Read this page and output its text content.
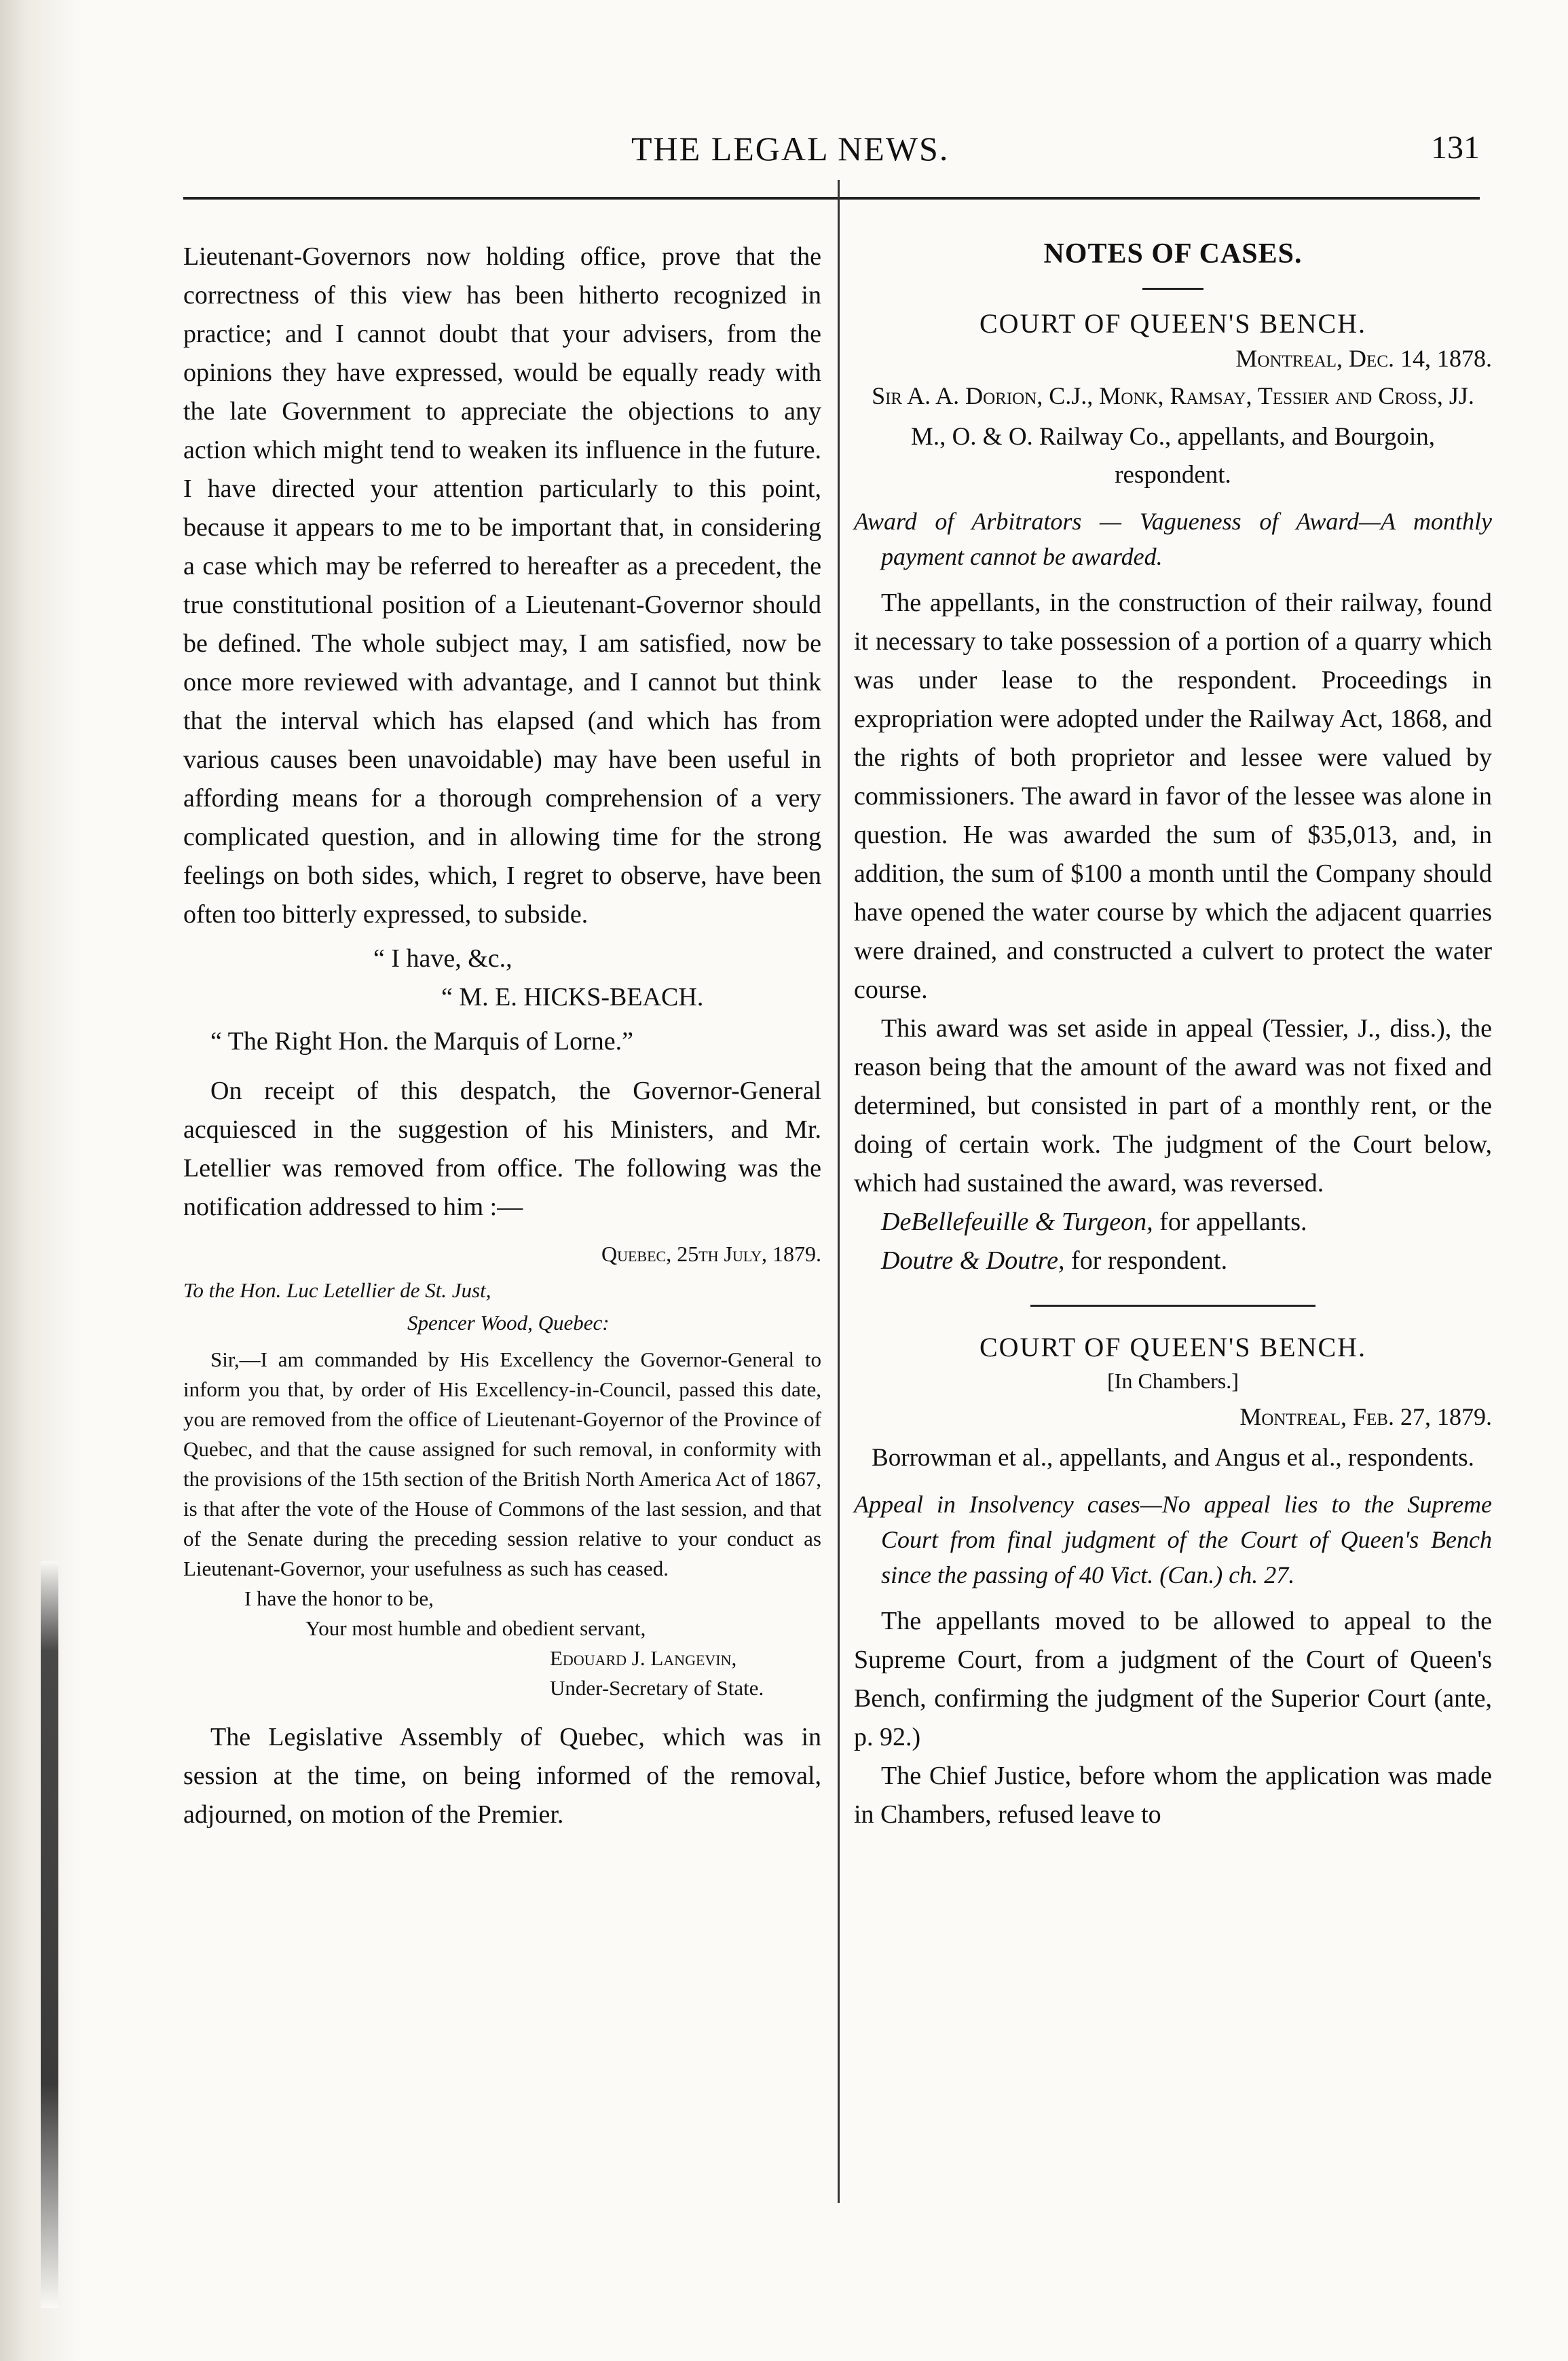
THE LEGAL NEWS.	131

Lieutenant-Governors now holding office, prove that the correctness of this view has been hitherto recognized in practice; and I cannot doubt that your advisers, from the opinions they have expressed, would be equally ready with the late Government to appreciate the objections to any action which might tend to weaken its influence in the future. I have directed your attention particularly to this point, because it appears to me to be important that, in considering a case which may be referred to hereafter as a precedent, the true constitutional position of a Lieutenant-Governor should be defined. The whole subject may, I am satisfied, now be once more reviewed with advantage, and I cannot but think that the interval which has elapsed (and which has from various causes been unavoidable) may have been useful in affording means for a thorough comprehension of a very complicated question, and in allowing time for the strong feelings on both sides, which, I regret to observe, have been often too bitterly expressed, to subside.

“ I have, &c.,

“ M. E. HICKS-BEACH.

“ The Right Hon. the Marquis of Lorne.”

On receipt of this despatch, the Governor-General acquiesced in the suggestion of his Ministers, and Mr. Letellier was removed from office. The following was the notification addressed to him :—

Quebec, 25th July, 1879.

To the Hon. Luc Letellier de St. Just,

Spencer Wood, Quebec:

Sir,—I am commanded by His Excellency the Governor-General to inform you that, by order of His Excellency-in-Council, passed this date, you are removed from the office of Lieutenant-Goyernor of the Province of Quebec, and that the cause assigned for such removal, in conformity with the provisions of the 15th section of the British North America Act of 1867, is that after the vote of the House of Commons of the last session, and that of the Senate during the preceding session relative to your conduct as Lieutenant-Governor, your usefulness as such has ceased.

I have the honor to be,

Your most humble and obedient servant,

Edouard J. Langevin,

Under-Secretary of State.

The Legislative Assembly of Quebec, which was in session at the time, on being informed of the removal, adjourned, on motion of the Premier.

NOTES OF CASES.
COURT OF QUEEN'S BENCH.

Montreal, Dec. 14, 1878.

Sir A. A. Dorion, C.J., Monk, Ramsay, Tessier and Cross, JJ.

M., O. & O. Railway Co., appellants, and Bourgoin, respondent.

Award of Arbitrators — Vagueness of Award—A monthly payment cannot be awarded.

The appellants, in the construction of their railway, found it necessary to take possession of a portion of a quarry which was under lease to the respondent. Proceedings in expropriation were adopted under the Railway Act, 1868, and the rights of both proprietor and lessee were valued by commissioners. The award in favor of the lessee was alone in question. He was awarded the sum of $35,013, and, in addition, the sum of $100 a month until the Company should have opened the water course by which the adjacent quarries were drained, and constructed a culvert to protect the water course.

This award was set aside in appeal (Tessier, J., diss.), the reason being that the amount of the award was not fixed and determined, but consisted in part of a monthly rent, or the doing of certain work. The judgment of the Court below, which had sustained the award, was reversed.

DeBellefeuille & Turgeon, for appellants.

Doutre & Doutre, for respondent.

COURT OF QUEEN'S BENCH.

[In Chambers.]

Montreal, Feb. 27, 1879.

Borrowman et al., appellants, and Angus et al., respondents.

Appeal in Insolvency cases—No appeal lies to the Supreme Court from final judgment of the Court of Queen's Bench since the passing of 40 Vict. (Can.) ch. 27.

The appellants moved to be allowed to appeal to the Supreme Court, from a judgment of the Court of Queen's Bench, confirming the judgment of the Superior Court (ante, p. 92.)

The Chief Justice, before whom the application was made in Chambers, refused leave to
